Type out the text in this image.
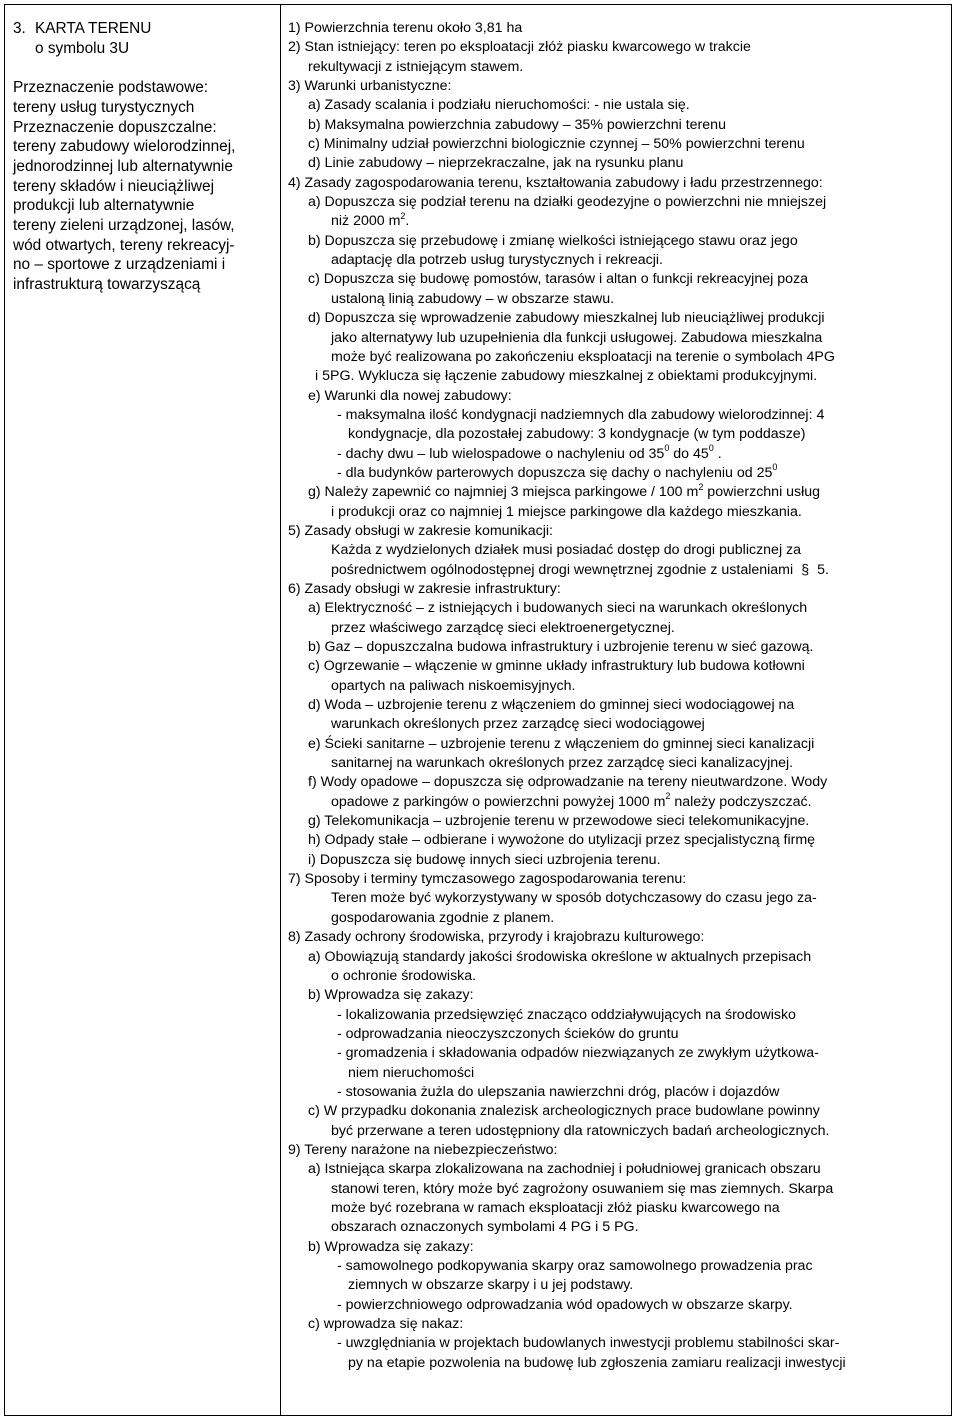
3. KARTA TERENU
o symbolu 3U

Przeznaczenie podstawowe:
tereny usług turystycznych
Przeznaczenie dopuszczalne:
tereny zabudowy wielorodzinnej,
jednorodzinnej lub alternatywnie
tereny składów i nieuciążliwej
produkcji lub alternatywnie
tereny zieleni urządzonej, lasów,
wód otwartych, tereny rekreacyj-
no – sportowe z urządzeniami i
infrastrukturą towarzyszącą
1) Powierzchnia terenu około 3,81 ha
2) Stan istniejący: teren po eksploatacji złóż piasku kwarcowego w trakcie
rekultywacji z istniejącym stawem.
3) Warunki urbanistyczne:
a) Zasady scalania i podziału nieruchomości: - nie ustala się.
b) Maksymalna powierzchnia zabudowy – 35% powierzchni terenu
c) Minimalny udział powierzchni biologicznie czynnej – 50% powierzchni terenu
d) Linie zabudowy – nieprzekraczalne, jak na rysunku planu
4) Zasady zagospodarowania terenu, kształtowania zabudowy i ładu przestrzennego:
a) Dopuszcza się podział terenu na działki geodezyjne o powierzchni nie mniejszej
niż 2000 $m^2$.
b) Dopuszcza się przebudowę i zmianę wielkości istniejącego stawu oraz jego
adaptację dla potrzeb usług turystycznych i rekreacji.
c) Dopuszcza się budowę pomostów, tarasów i altan o funkcji rekreacyjnej poza
ustaloną linią zabudowy – w obszarze stawu.
d) Dopuszcza się wprowadzenie zabudowy mieszkalnej lub nieuciążliwej produkcji
jako alternatywy lub uzupełnienia dla funkcji usługowej. Zabudowa mieszkalna
może być realizowana po zakończeniu eksploatacji na terenie o symbolach 4PG
i 5PG. Wyklucza się łączenie zabudowy mieszkalnej z obiektami produkcyjnymi.
e) Warunki dla nowej zabudowy:
- maksymalna ilość kondygnacji nadziemnych dla zabudowy wielorodzinnej: 4
kondygnacje, dla pozostałej zabudowy: 3 kondygnacje (w tym poddasze)
- dachy dwu – lub wielospadowe o nachyleniu od $35^0$ do $45^0$ .
- dla budynków parterowych dopuszcza się dachy o nachyleniu od $25^0$
g) Należy zapewnić co najmniej 3 miejsca parkingowe / 100 $m^2$ powierzchni usług
i produkcji oraz co najmniej 1 miejsce parkingowe dla każdego mieszkania.
5) Zasady obsługi w zakresie komunikacji:
Każda z wydzielonych działek musi posiadać dostęp do drogi publicznej za
pośrednictwem ogólnodostępnej drogi wewnętrznej zgodnie z ustaleniami § 5.
6) Zasady obsługi w zakresie infrastruktury:
a) Elektryczność – z istniejących i budowanych sieci na warunkach określonych
przez właściwego zarządcę sieci elektroenergetycznej.
b) Gaz – dopuszczalna budowa infrastruktury i uzbrojenie terenu w sieć gazową.
c) Ogrzewanie – włączenie w gminne układy infrastruktury lub budowa kotłowni
opartych na paliwach niskoemisyjnych.
d) Woda – uzbrojenie terenu z włączeniem do gminnej sieci wodociągowej na
warunkach określonych przez zarządcę sieci wodociągowej
e) Ścieki sanitarne – uzbrojenie terenu z włączeniem do gminnej sieci kanalizacji
sanitarnej na warunkach określonych przez zarządcę sieci kanalizacyjnej.
f) Wody opadowe – dopuszcza się odprowadzanie na tereny nieutwardzone. Wody
opadowe z parkingów o powierzchni powyżej 1000 $m^2$ należy podczyszczać.
g) Telekomunikacja – uzbrojenie terenu w przewodowe sieci telekomunikacyjne.
h) Odpady stałe – odbierane i wywożone do utylizacji przez specjalistyczną firmę
i) Dopuszcza się budowę innych sieci uzbrojenia terenu.
7) Sposoby i terminy tymczasowego zagospodarowania terenu:
Teren może być wykorzystywany w sposób dotychczasowy do czasu jego za-
gospodarowania zgodnie z planem.
8) Zasady ochrony środowiska, przyrody i krajobrazu kulturowego:
a) Obowiązują standardy jakości środowiska określone w aktualnych przepisach
o ochronie środowiska.
b) Wprowadza się zakazy:
- lokalizowania przedsięwzięć znacząco oddziaływujących na środowisko
- odprowadzania nieoczyszczonych ścieków do gruntu
- gromadzenia i składowania odpadów niezwiązanych ze zwykłym użytkowa-
niem nieruchomości
- stosowania żużla do ulepszania nawierzchni dróg, placów i dojazdów
c) W przypadku dokonania znalezisk archeologicznych prace budowlane powinny
być przerwane a teren udostępniony dla ratowniczych badań archeologicznych.
9) Tereny narażone na niebezpieczeństwo:
a) Istniejąca skarpa zlokalizowana na zachodniej i południowej granicach obszaru
stanowi teren, który może być zagrożony osuwaniem się mas ziemnych. Skarpa
może być rozebrana w ramach eksploatacji złóż piasku kwarcowego na
obszarach oznaczonych symbolami 4 PG i 5 PG.
b) Wprowadza się zakazy:
- samowolnego podkopywania skarpy oraz samowolnego prowadzenia prac
ziemnych w obszarze skarpy i u jej podstawy.
- powierzchniowego odprowadzania wód opadowych w obszarze skarpy.
c) wprowadza się nakaz:
- uwzględniania w projektach budowlanych inwestycji problemu stabilności skar-
py na etapie pozwolenia na budowę lub zgłoszenia zamiaru realizacji inwestycji
